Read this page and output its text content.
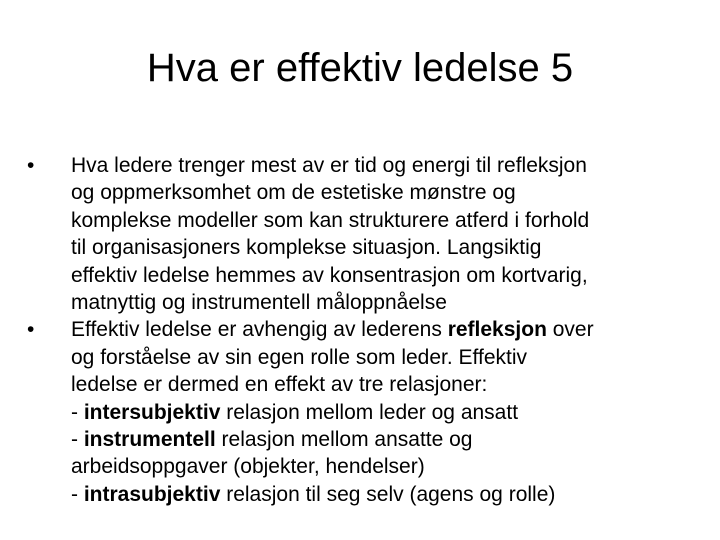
Hva er effektiv ledelse 5
• Hva ledere trenger mest av er tid og energi til refleksjon
og oppmerksomhet om de estetiske mønstre og
komplekse modeller som kan strukturere atferd i forhold
til organisasjoners komplekse situasjon. Langsiktig
effektiv ledelse hemmes av konsentrasjon om kortvarig,
matnyttig og instrumentell måloppnåelse
• Effektiv ledelse er avhengig av lederens refleksjon over
og forståelse av sin egen rolle som leder. Effektiv
ledelse er dermed en effekt av tre relasjoner:
- intersubjektiv relasjon mellom leder og ansatt
- instrumentell relasjon mellom ansatte og
arbeidsoppgaver (objekter, hendelser)
- intrasubjektiv relasjon til seg selv (agens og rolle)
